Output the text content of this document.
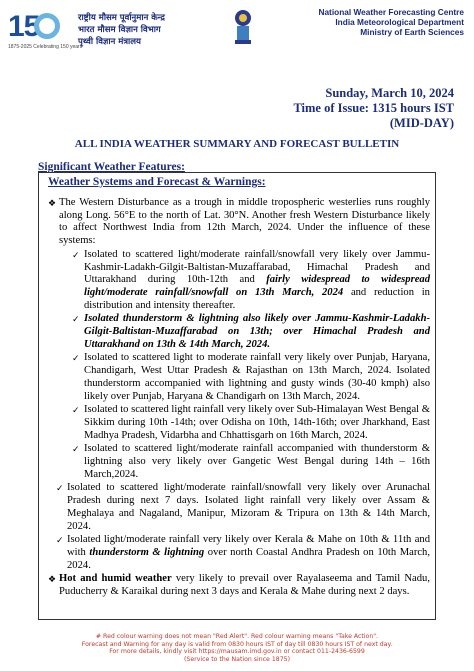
15
1875-2025 Celebrating 150 years
राष्ट्रीय मौसम पूर्वानुमान केन्द्र
भारत मौसम विज्ञान विभाग
पृथ्वी विज्ञान मंत्रालय
National Weather Forecasting Centre
India Meteorological Department
Ministry of Earth Sciences
Sunday, March 10, 2024
Time of Issue: 1315 hours IST
(MID-DAY)
ALL INDIA WEATHER SUMMARY AND FORECAST BULLETIN
Significant Weather Features:
Weather Systems and Forecast & Warnings:
❖ The Western Disturbance as a trough in middle tropospheric westerlies runs roughly along Long. 56°E to the north of Lat. 30°N. Another fresh Western Disturbance likely to affect Northwest India from 12th March, 2024. Under the influence of these systems:
✓ Isolated to scattered light/moderate rainfall/snowfall very likely over Jammu-Kashmir-Ladakh-Gilgit-Baltistan-Muzaffarabad, Himachal Pradesh and Uttarakhand during 10th-12th and fairly widespread to widespread light/moderate rainfall/snowfall on 13th March, 2024 and reduction in distribution and intensity thereafter.
✓ Isolated thunderstorm & lightning also likely over Jammu-Kashmir-Ladakh-Gilgit-Baltistan-Muzaffarabad on 13th; over Himachal Pradesh and Uttarakhand on 13th & 14th March, 2024.
✓ Isolated to scattered light to moderate rainfall very likely over Punjab, Haryana, Chandigarh, West Uttar Pradesh & Rajasthan on 13th March, 2024. Isolated thunderstorm accompanied with lightning and gusty winds (30-40 kmph) also likely over Punjab, Haryana & Chandigarh on 13th March, 2024.
✓ Isolated to scattered light rainfall very likely over Sub-Himalayan West Bengal & Sikkim during 10th -14th; over Odisha on 10th, 14th-16th; over Jharkhand, East Madhya Pradesh, Vidarbha and Chhattisgarh on 16th March, 2024.
✓ Isolated to scattered light/moderate rainfall accompanied with thunderstorm & lightning also very likely over Gangetic West Bengal during 14th – 16th March,2024.
✓ Isolated to scattered light/moderate rainfall/snowfall very likely over Arunachal Pradesh during next 7 days. Isolated light rainfall very likely over Assam & Meghalaya and Nagaland, Manipur, Mizoram & Tripura on 13th & 14th March, 2024.
✓ Isolated light/moderate rainfall very likely over Kerala & Mahe on 10th & 11th and with thunderstorm & lightning over north Coastal Andhra Pradesh on 10th March, 2024.
❖ Hot and humid weather very likely to prevail over Rayalaseema and Tamil Nadu, Puducherry & Karaikal during next 3 days and Kerala & Mahe during next 2 days.
# Red colour warning does not mean "Red Alert". Red colour warning means "Take Action".
Forecast and Warning for any day is valid from 0830 hours IST of day till 0830 hours IST of next day.
For more details, kindly visit https://mausam.imd.gov.in or contact 011-2436-6599
(Service to the Nation since 1875)
